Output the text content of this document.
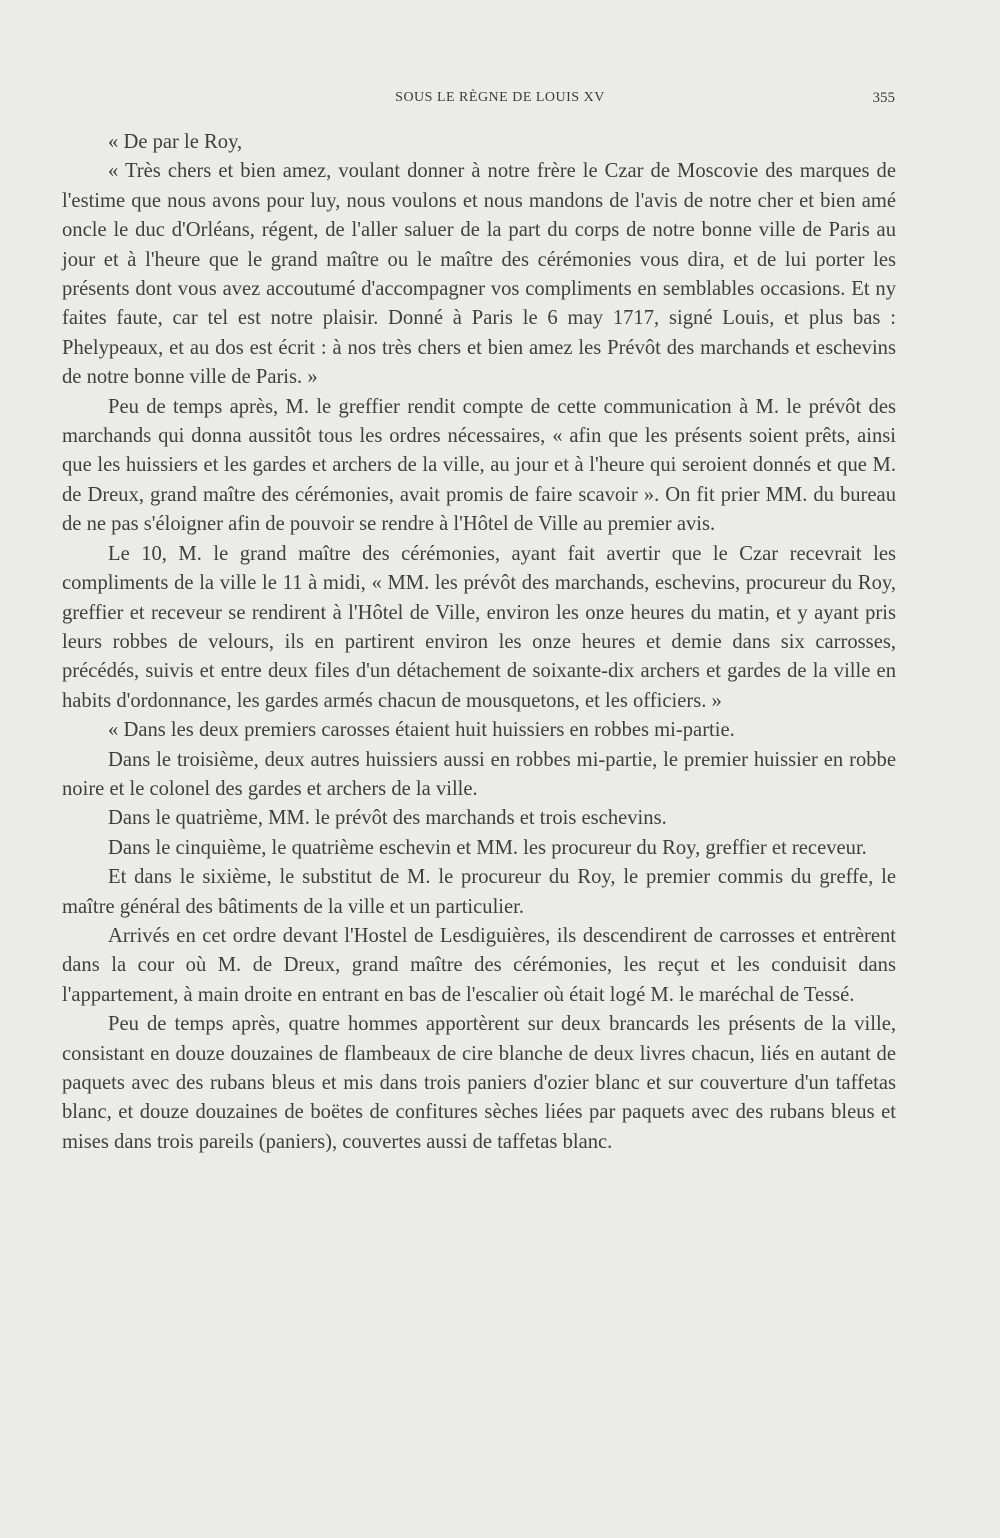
SOUS LE RÈGNE DE LOUIS XV	355

« De par le Roy,

« Très chers et bien amez, voulant donner à notre frère le Czar de Moscovie des marques de l'estime que nous avons pour luy, nous voulons et nous mandons de l'avis de notre cher et bien amé oncle le duc d'Orléans, régent, de l'aller saluer de la part du corps de notre bonne ville de Paris au jour et à l'heure que le grand maître ou le maître des cérémonies vous dira, et de lui porter les présents dont vous avez accoutumé d'accompagner vos compliments en semblables occasions. Et ny faites faute, car tel est notre plaisir. Donné à Paris le 6 may 1717, signé Louis, et plus bas : Phelypeaux, et au dos est écrit : à nos très chers et bien amez les Prévôt des marchands et eschevins de notre bonne ville de Paris. »

Peu de temps après, M. le greffier rendit compte de cette communication à M. le prévôt des marchands qui donna aussitôt tous les ordres nécessaires, « afin que les présents soient prêts, ainsi que les huissiers et les gardes et archers de la ville, au jour et à l'heure qui seroient donnés et que M. de Dreux, grand maître des cérémonies, avait promis de faire scavoir ». On fit prier MM. du bureau de ne pas s'éloigner afin de pouvoir se rendre à l'Hôtel de Ville au premier avis.

Le 10, M. le grand maître des cérémonies, ayant fait avertir que le Czar recevrait les compliments de la ville le 11 à midi, « MM. les prévôt des marchands, eschevins, procureur du Roy, greffier et receveur se rendirent à l'Hôtel de Ville, environ les onze heures du matin, et y ayant pris leurs robbes de velours, ils en partirent environ les onze heures et demie dans six carrosses, précédés, suivis et entre deux files d'un détachement de soixante-dix archers et gardes de la ville en habits d'ordonnance, les gardes armés chacun de mousquetons, et les officiers. »

« Dans les deux premiers carosses étaient huit huissiers en robbes mi-partie.

Dans le troisième, deux autres huissiers aussi en robbes mi-partie, le premier huissier en robbe noire et le colonel des gardes et archers de la ville.

Dans le quatrième, MM. le prévôt des marchands et trois eschevins.

Dans le cinquième, le quatrième eschevin et MM. les procureur du Roy, greffier et receveur.

Et dans le sixième, le substitut de M. le procureur du Roy, le premier commis du greffe, le maître général des bâtiments de la ville et un particulier.

Arrivés en cet ordre devant l'Hostel de Lesdiguières, ils descendirent de carrosses et entrèrent dans la cour où M. de Dreux, grand maître des cérémonies, les reçut et les conduisit dans l'appartement, à main droite en entrant en bas de l'escalier où était logé M. le maréchal de Tessé.

Peu de temps après, quatre hommes apportèrent sur deux brancards les présents de la ville, consistant en douze douzaines de flambeaux de cire blanche de deux livres chacun, liés en autant de paquets avec des rubans bleus et mis dans trois paniers d'ozier blanc et sur couverture d'un taffetas blanc, et douze douzaines de boëtes de confitures sèches liées par paquets avec des rubans bleus et mises dans trois pareils (paniers), couvertes aussi de taffetas blanc.
